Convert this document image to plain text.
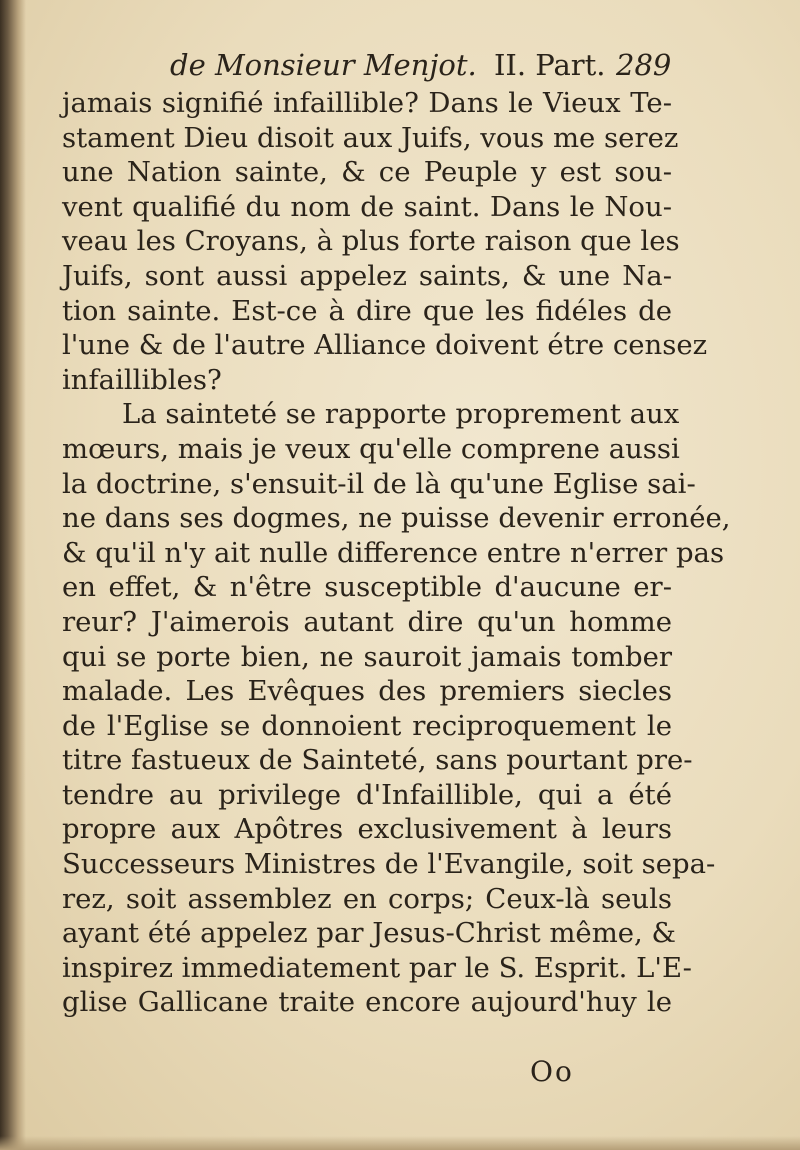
de Monsieur Menjot. II. Part. 289
jamais signifié infaillible? Dans le Vieux Te-
stament Dieu disoit aux Juifs, vous me serez
une Nation sainte, & ce Peuple y est sou-
vent qualifié du nom de saint. Dans le Nou-
veau les Croyans, à plus forte raison que les
Juifs, sont aussi appelez saints, & une Na-
tion sainte. Est-ce à dire que les fidéles de
l'une & de l'autre Alliance doivent étre censez
infaillibles?
La sainteté se rapporte proprement aux
mœurs, mais je veux qu'elle comprene aussi
la doctrine, s'ensuit-il de là qu'une Eglise sai-
ne dans ses dogmes, ne puisse devenir erronée,
& qu'il n'y ait nulle difference entre n'errer pas
en effet, & n'être susceptible d'aucune er-
reur? J'aimerois autant dire qu'un homme
qui se porte bien, ne sauroit jamais tomber
malade. Les Evêques des premiers siecles
de l'Eglise se donnoient reciproquement le
titre fastueux de Sainteté, sans pourtant pre-
tendre au privilege d'Infaillible, qui a été
propre aux Apôtres exclusivement à leurs
Successeurs Ministres de l'Evangile, soit sepa-
rez, soit assemblez en corps; Ceux-là seuls
ayant été appelez par Jesus-Christ même, &
inspirez immediatement par le S. Esprit. L'E-
glise Gallicane traite encore aujourd'huy le
Oo
